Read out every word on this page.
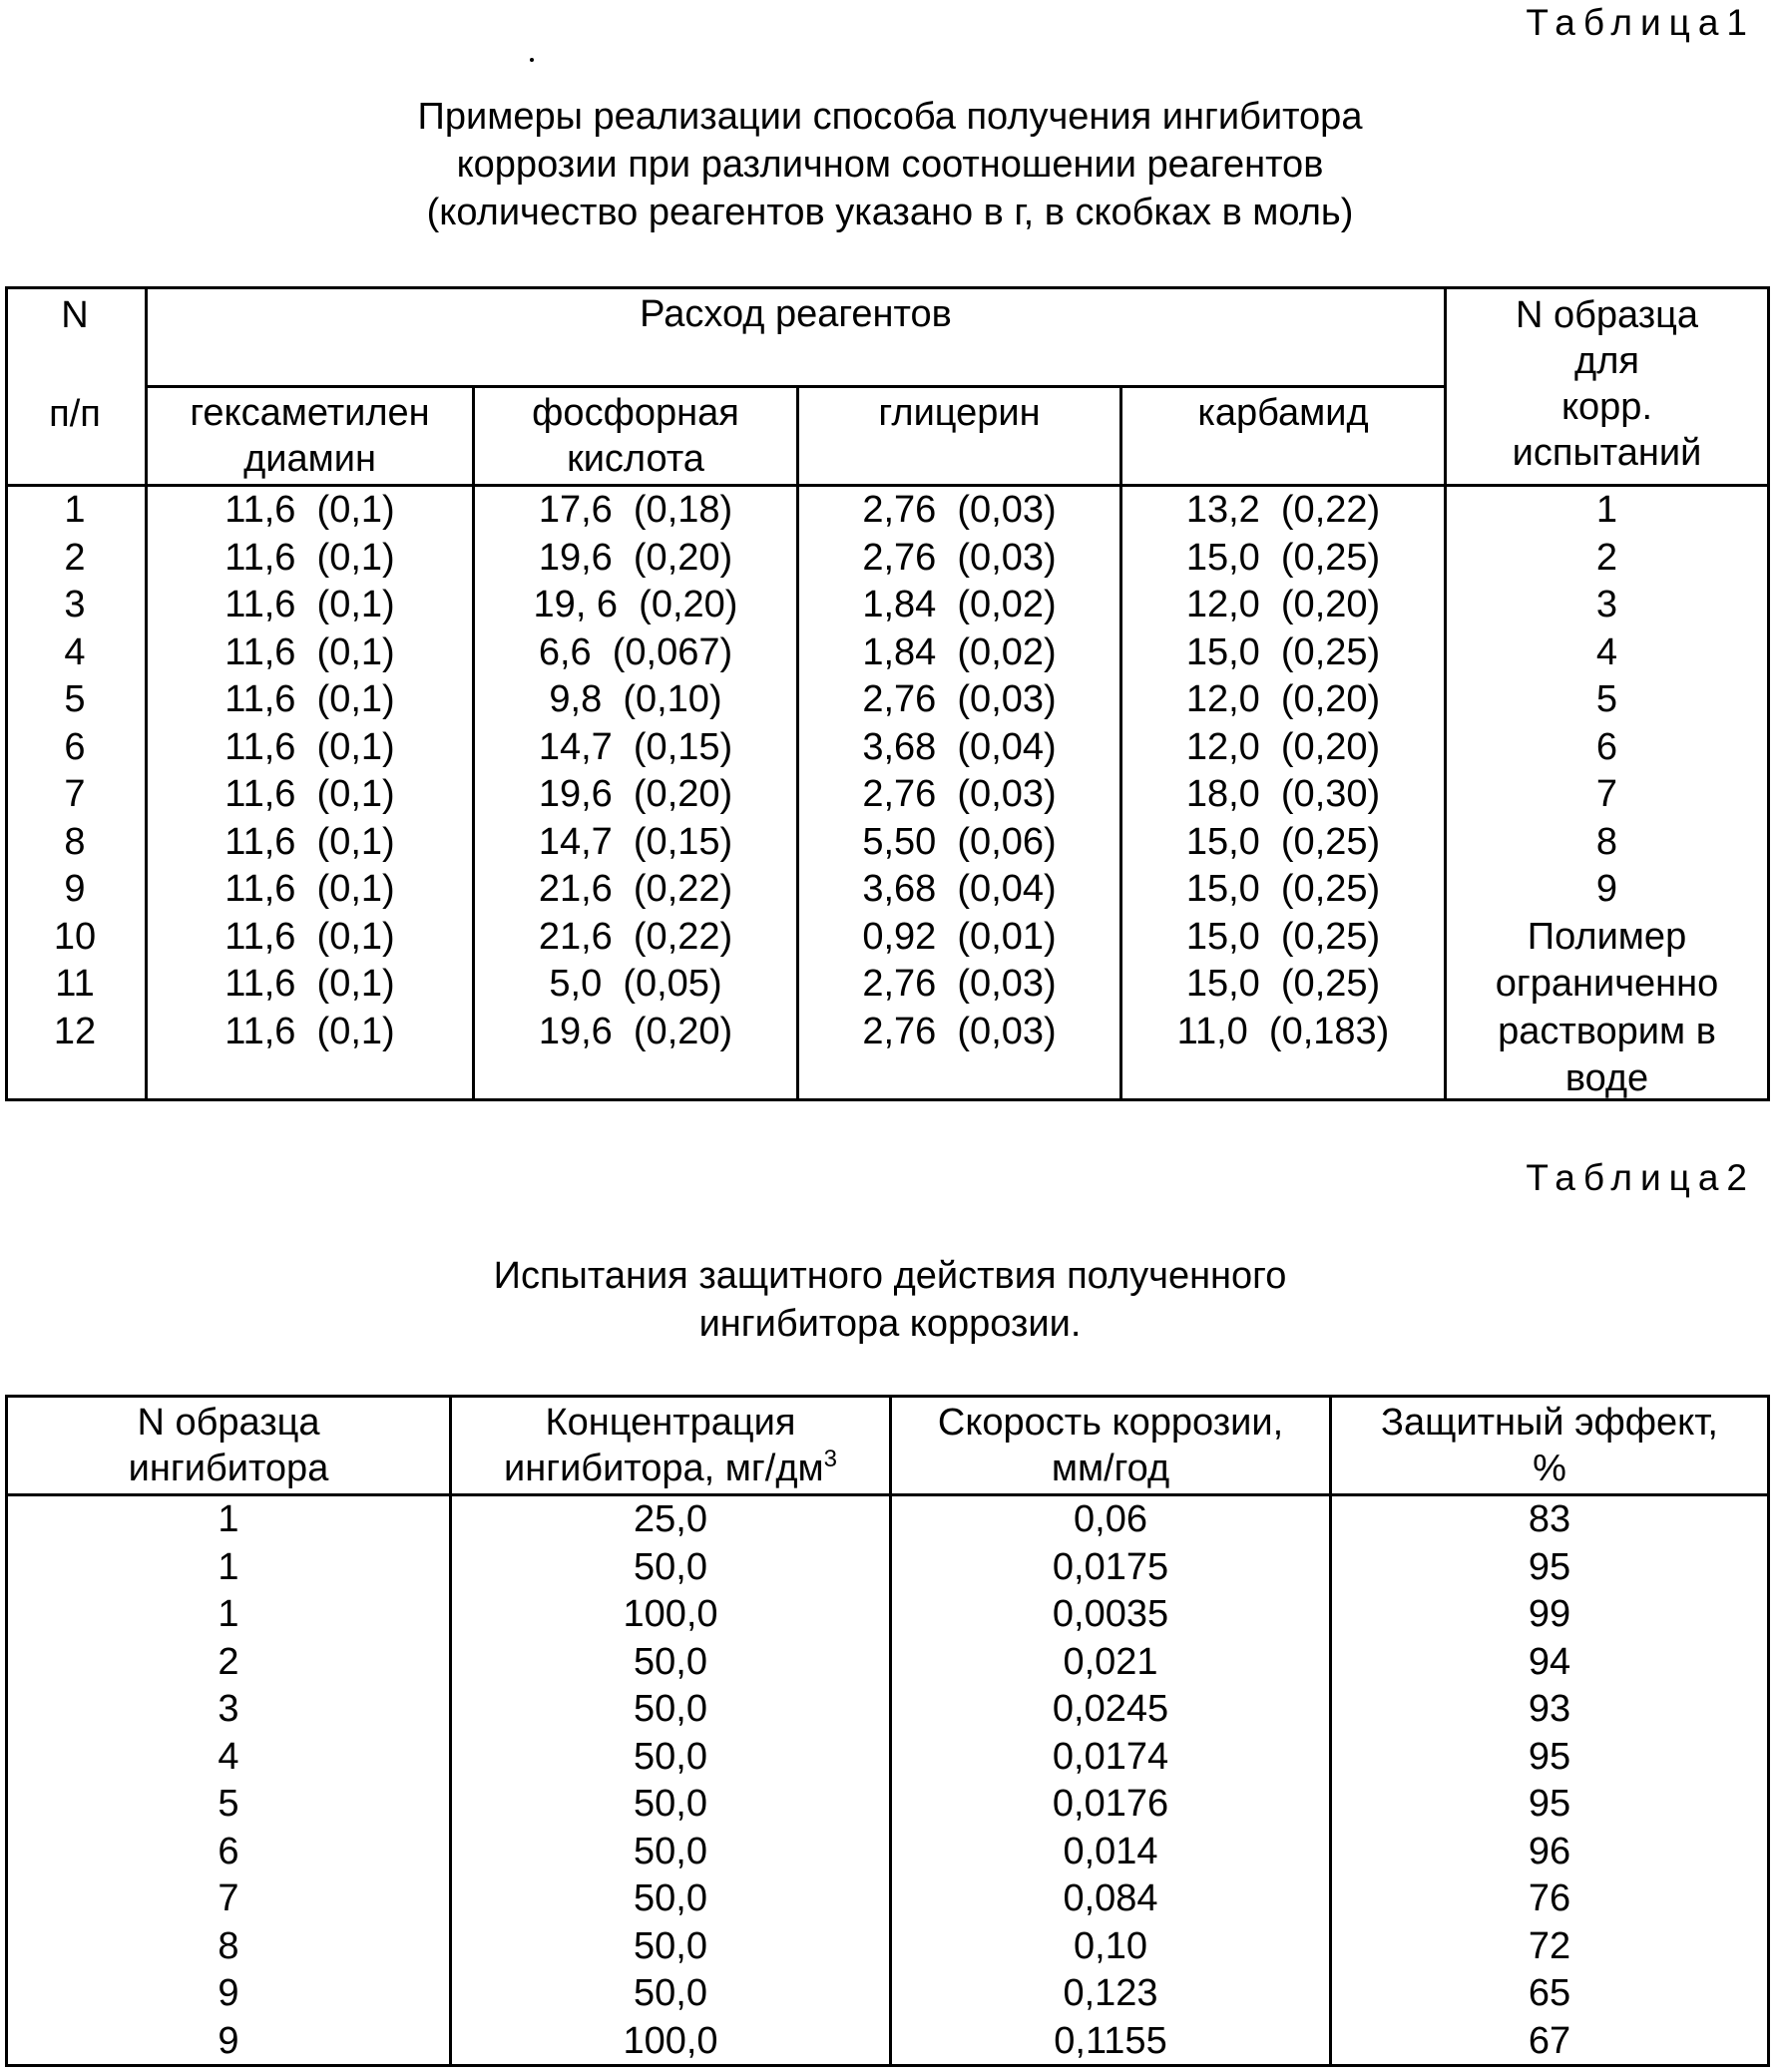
Таблица1
Примеры реализации способа получения ингибитора
коррозии при различном соотношении реагентов
(количество реагентов указано в г, в скобках в моль)
N
п/п
Расход реагентов	N образца
для
корр.
испытаний
гексаметилен
диамин
фосфорная
кислота
глицерин	карбамид
1
2
3
4
5
6
7
8
9
10
11
12
11,6  (0,1)
11,6  (0,1)
11,6  (0,1)
11,6  (0,1)
11,6  (0,1)
11,6  (0,1)
11,6  (0,1)
11,6  (0,1)
11,6  (0,1)
11,6  (0,1)
11,6  (0,1)
11,6  (0,1)
17,6  (0,18)
19,6  (0,20)
19, 6  (0,20)
6,6  (0,067)
9,8  (0,10)
14,7  (0,15)
19,6  (0,20)
14,7  (0,15)
21,6  (0,22)
21,6  (0,22)
5,0  (0,05)
19,6  (0,20)
2,76  (0,03)
2,76  (0,03)
1,84  (0,02)
1,84  (0,02)
2,76  (0,03)
3,68  (0,04)
2,76  (0,03)
5,50  (0,06)
3,68  (0,04)
0,92  (0,01)
2,76  (0,03)
2,76  (0,03)
13,2  (0,22)
15,0  (0,25)
12,0  (0,20)
15,0  (0,25)
12,0  (0,20)
12,0  (0,20)
18,0  (0,30)
15,0  (0,25)
15,0  (0,25)
15,0  (0,25)
15,0  (0,25)
11,0  (0,183)
1
2
3
4
5
6
7
8
9
Полимер
ограниченно
растворим в
воде
Таблица2
Испытания защитного действия полученного
ингибитора коррозии.
N образца
ингибитора
Концентрация
ингибитора, $мг/дм^3$
Скорость коррозии,
мм/год
Защитный эффект,
%
1
1
1
2
3
4
5
6
7
8
9
9
25,0
50,0
100,0
50,0
50,0
50,0
50,0
50,0
50,0
50,0
50,0
100,0
0,06
0,0175
0,0035
0,021
0,0245
0,0174
0,0176
0,014
0,084
0,10
0,123
0,1155
83
95
99
94
93
95
95
96
76
72
65
67
